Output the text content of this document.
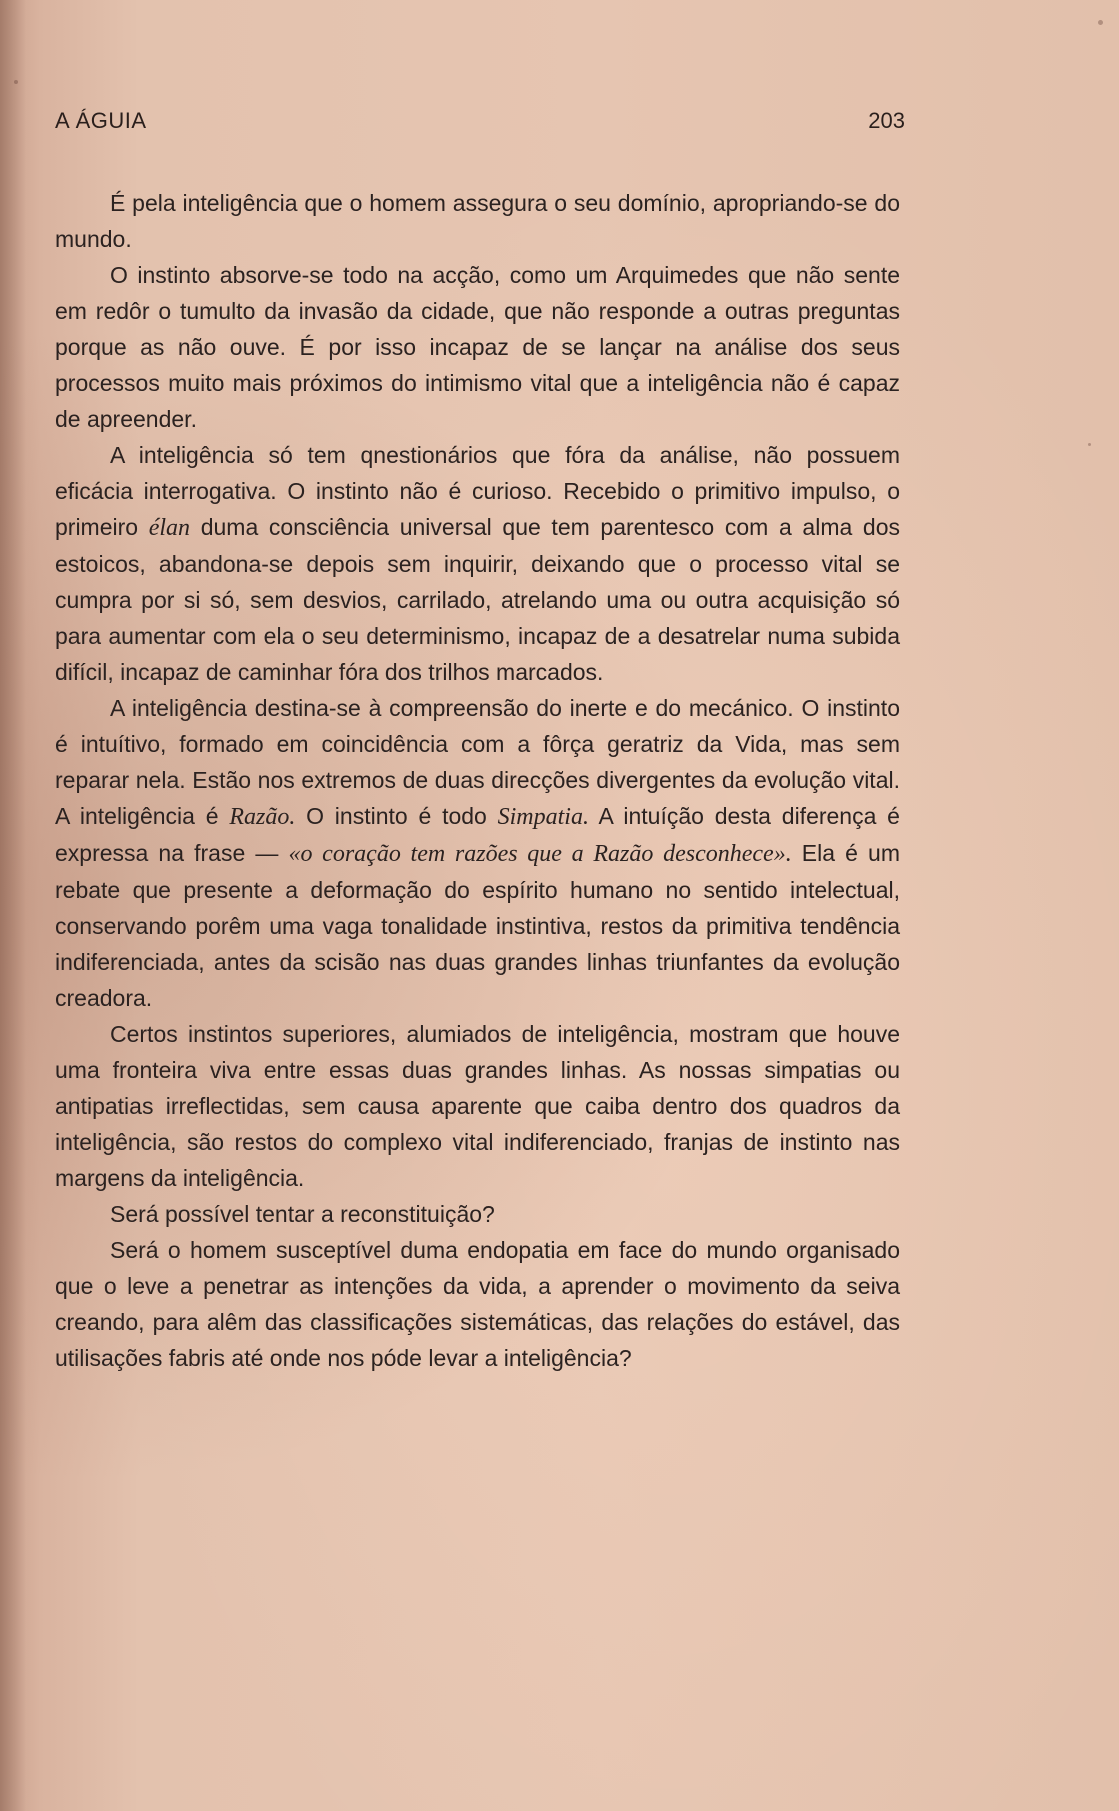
A ÁGUIA	203

É pela inteligência que o homem assegura o seu domínio, apropriando-se do mundo.

O instinto absorve-se todo na acção, como um Arquimedes que não sente em redôr o tumulto da invasão da cidade, que não responde a outras preguntas porque as não ouve. É por isso incapaz de se lançar na análise dos seus processos muito mais próximos do intimismo vital que a inteligência não é capaz de apreender.

A inteligência só tem qnestionários que fóra da análise, não possuem eficácia interrogativa. O instinto não é curioso. Recebido o primitivo impulso, o primeiro élan duma consciência universal que tem parentesco com a alma dos estoicos, abandona-se depois sem inquirir, deixando que o processo vital se cumpra por si só, sem desvios, carrilado, atrelando uma ou outra acquisição só para aumentar com ela o seu determinismo, incapaz de a desatrelar numa subida difícil, incapaz de caminhar fóra dos trilhos marcados.

A inteligência destina-se à compreensão do inerte e do mecánico. O instinto é intuítivo, formado em coincidência com a fôrça geratriz da Vida, mas sem reparar nela. Estão nos extremos de duas direcções divergentes da evolução vital. A inteligência é Razão. O instinto é todo Simpatia. A intuíção desta diferença é expressa na frase — «o coração tem razões que a Razão desconhece». Ela é um rebate que presente a deformação do espírito humano no sentido intelectual, conservando porêm uma vaga tonalidade instintiva, restos da primitiva tendência indiferenciada, antes da scisão nas duas grandes linhas triunfantes da evolução creadora.

Certos instintos superiores, alumiados de inteligência, mostram que houve uma fronteira viva entre essas duas grandes linhas. As nossas simpatias ou antipatias irreflectidas, sem causa aparente que caiba dentro dos quadros da inteligência, são restos do complexo vital indiferenciado, franjas de instinto nas margens da inteligência.

Será possível tentar a reconstituição?

Será o homem susceptível duma endopatia em face do mundo organisado que o leve a penetrar as intenções da vida, a aprender o movimento da seiva creando, para alêm das classificações sistemáticas, das relações do estável, das utilisações fabris até onde nos póde levar a inteligência?
